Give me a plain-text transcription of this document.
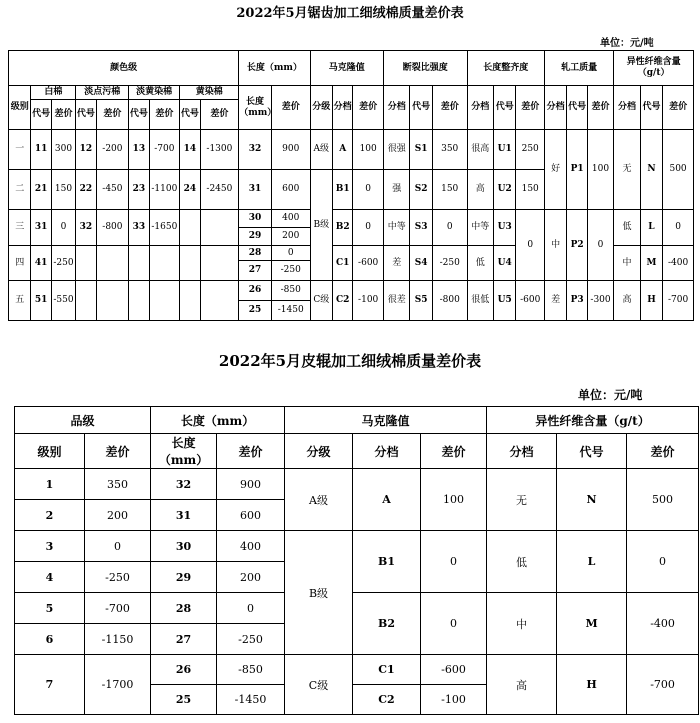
2022年5月锯齿加工细绒棉质量差价表
单位：元/吨
颜色级									长度（mm）		马克隆值			断裂比强度			长度整齐度			轧工质量			异性纤维含量（g/t）		
级别	白棉		淡点污棉		淡黄染棉		黄染棉		长度（mm）	差价	分级	分档	差价	分档	代号	差价	分档	代号	差价	分档	代号	差价	分档	代号	差价
	代号	差价	代号	差价	代号	差价	代号	差价																	
一	11	300	12	-200	13	-700	14	-1300	32	900	A级	A	100	很强	S1	350	很高	U1	250	好	P1	100	无	N	500

二	21	150	22	-450	23	-1100	24	-2450	31	600	B级	B1	0	强	S2	150	高	U2	150						

三	31	0	32	-800	33	-1650			30	400		B2	0	中等	S3	0	中等	U3	0	中	P2	0	低	L	0
									29	200															
四	41	-250							28	0		C1	-600	差	S4	-250	低	U4					中	M	-400
									27	-250															
五	51	-550							26	-850	C级	C2	-100	很差	S5	-800	很低	U5	-600	差	P3	-300	高	H	-700
									25	-1450															
2022年5月皮辊加工细绒棉质量差价表
单位：元/吨
品级		长度（mm）		马克隆值			异性纤维含量（g/t）		
级别	差价	长度（mm）	差价	分级	分档	差价	分档	代号	差价
1	350	32	900	A级	A	100	无	N	500
2	200	31	600						
3	0	30	400	B级	B1	0	低	L	0
4	-250	29	200						
5	-700	28	0		B2	0	中	M	-400
6	-1150	27	-250						
7	-1700	26	-850	C级	C1	-600	高	H	-700
		25	-1450		C2	-100			
